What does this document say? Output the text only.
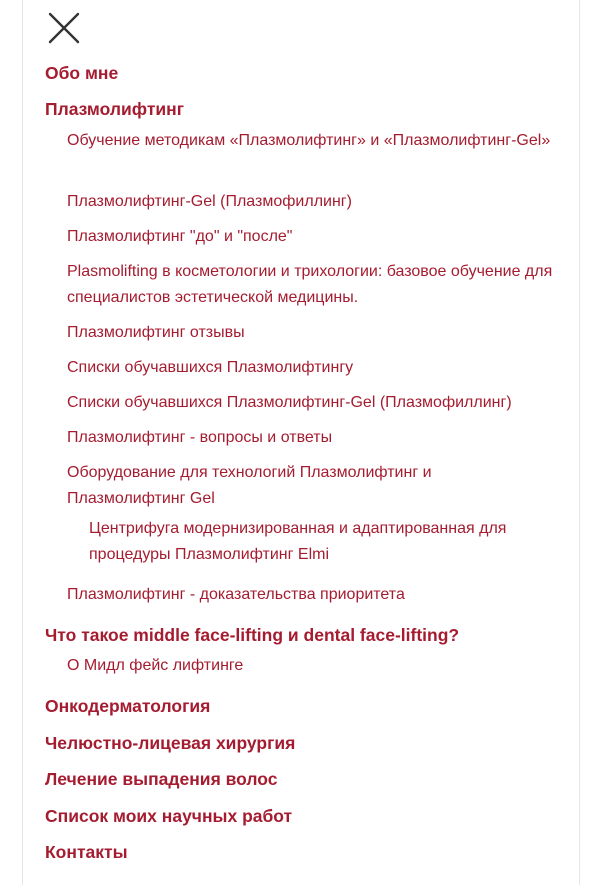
Обо мне
Плазмолифтинг
Обучение методикам «Плазмолифтинг» и «Плазмолифтинг-Gel»
Плазмолифтинг-Gel (Плазмофиллинг)
Плазмолифтинг "до" и "после"
Plasmolifting в косметологии и трихологии: базовое обучение для специалистов эстетической медицины.
Плазмолифтинг отзывы
Списки обучавшихся Плазмолифтингу
Списки обучавшихся Плазмолифтинг-Gel (Плазмофиллинг)
Плазмолифтинг - вопросы и ответы
Оборудование для технологий Плазмолифтинг и Плазмолифтинг Gel
Центрифуга модернизированная и адаптированная для процедуры Плазмолифтинг Elmi
Плазмолифтинг - доказательства приоритета
Что такое middle face-lifting и dental face-lifting?
О Мидл фейс лифтинге
Онкодерматология
Челюстно-лицевая хирургия
Лечение выпадения волос
Список моих научных работ
Контакты
